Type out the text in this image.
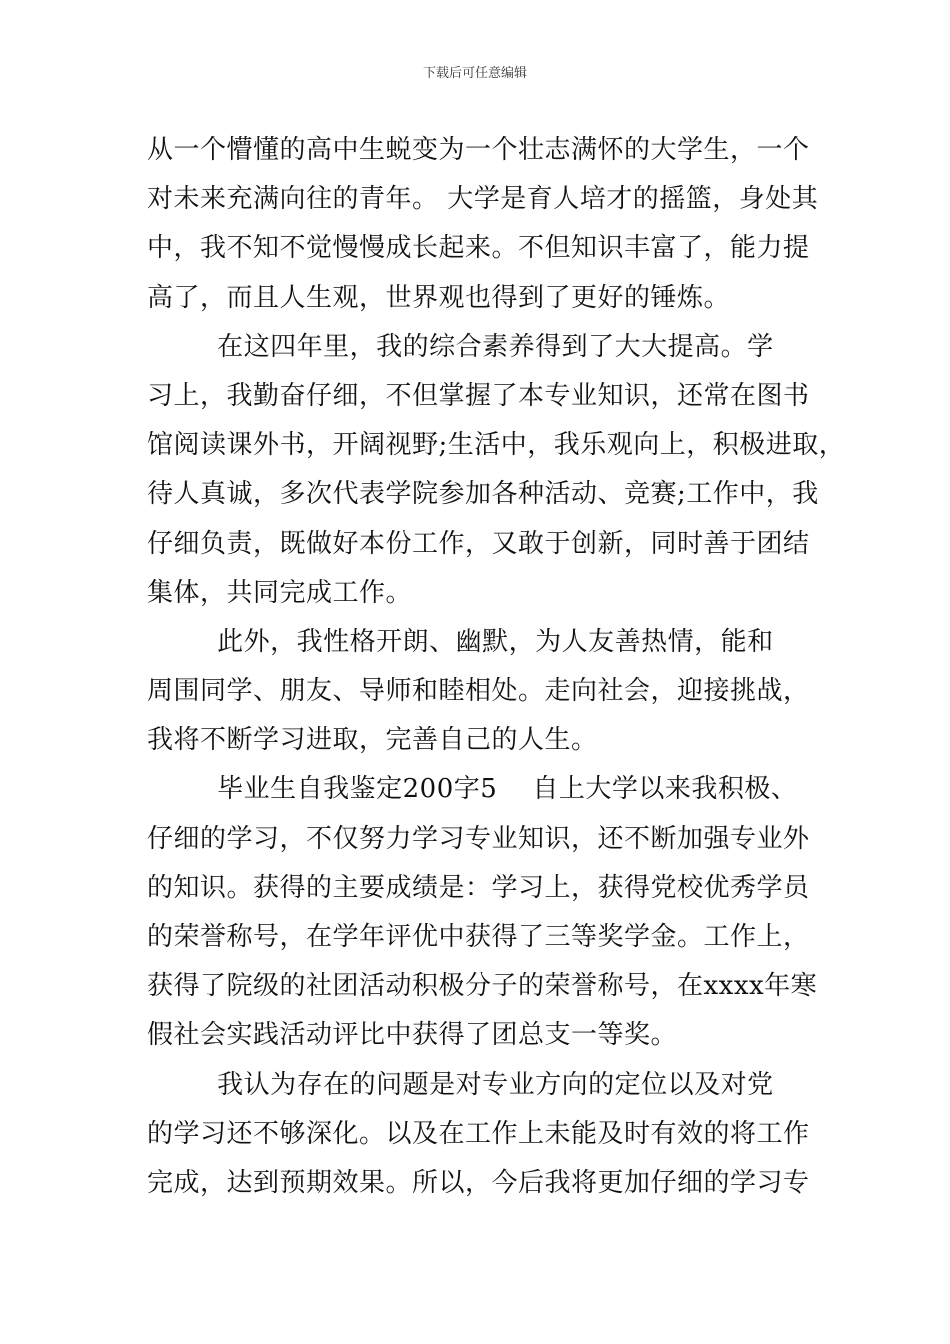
下载后可任意编辑
从一个懵懂的高中生蜕变为一个壮志满怀的大学生，一个
对未来充满向往的青年。 大学是育人培才的摇篮，身处其
中，我不知不觉慢慢成长起来。不但知识丰富了，能力提
高了，而且人生观，世界观也得到了更好的锤炼。
在这四年里，我的综合素养得到了大大提高。学
习上，我勤奋仔细，不但掌握了本专业知识，还常在图书
馆阅读课外书，开阔视野;生活中，我乐观向上，积极进取，
待人真诚，多次代表学院参加各种活动、竞赛;工作中，我
仔细负责，既做好本份工作，又敢于创新，同时善于团结
集体，共同完成工作。
此外，我性格开朗、幽默，为人友善热情，能和
周围同学、朋友、导师和睦相处。走向社会，迎接挑战，
我将不断学习进取，完善自己的人生。
毕业生自我鉴定200字5    自上大学以来我积极、
仔细的学习，不仅努力学习专业知识，还不断加强专业外
的知识。获得的主要成绩是：学习上，获得党校优秀学员
的荣誉称号，在学年评优中获得了三等奖学金。工作上，
获得了院级的社团活动积极分子的荣誉称号，在xxxx年寒
假社会实践活动评比中获得了团总支一等奖。
我认为存在的问题是对专业方向的定位以及对党
的学习还不够深化。以及在工作上未能及时有效的将工作
完成，达到预期效果。所以，今后我将更加仔细的学习专
